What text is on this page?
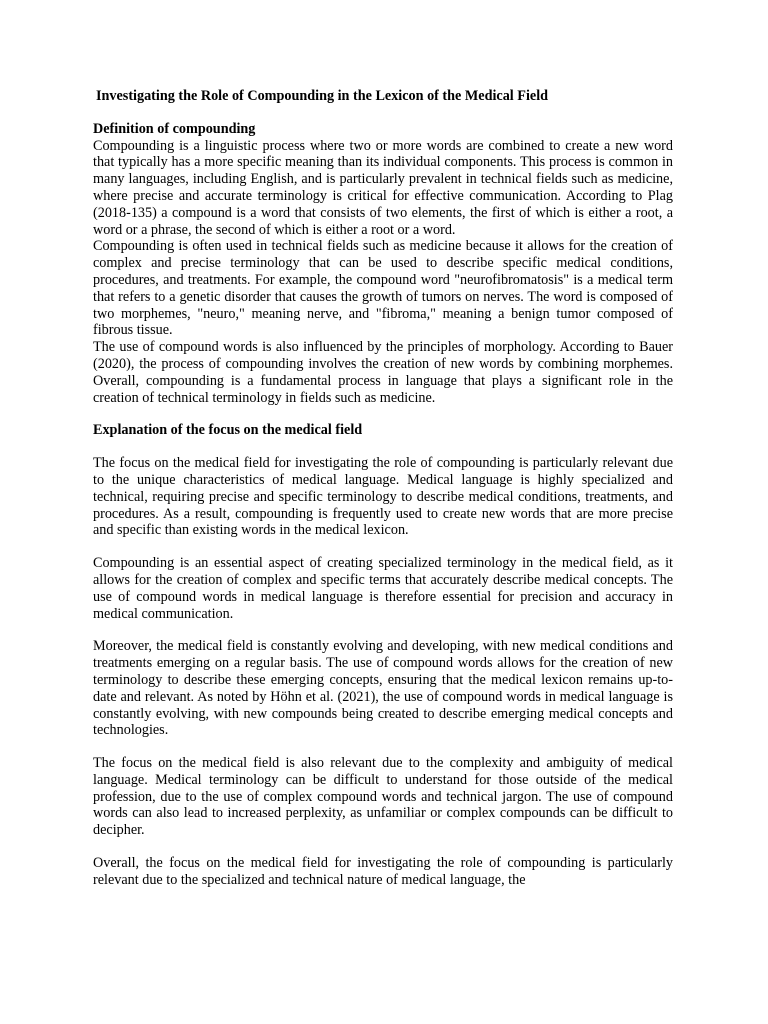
Investigating the Role of Compounding in the Lexicon of the Medical Field
Definition of compounding

Compounding is a linguistic process where two or more words are combined to create a new word that typically has a more specific meaning than its individual components. This process is common in many languages, including English, and is particularly prevalent in technical fields such as medicine, where precise and accurate terminology is critical for effective communication. According to Plag (2018-135) a compound is a word that consists of two elements, the first of which is either a root, a word or a phrase, the second of which is either a root or a word.

Compounding is often used in technical fields such as medicine because it allows for the creation of complex and precise terminology that can be used to describe specific medical conditions, procedures, and treatments. For example, the compound word "neurofibromatosis" is a medical term that refers to a genetic disorder that causes the growth of tumors on nerves. The word is composed of two morphemes, "neuro," meaning nerve, and "fibroma," meaning a benign tumor composed of fibrous tissue.

The use of compound words is also influenced by the principles of morphology. According to Bauer (2020), the process of compounding involves the creation of new words by combining morphemes. Overall, compounding is a fundamental process in language that plays a significant role in the creation of technical terminology in fields such as medicine.

Explanation of the focus on the medical field

The focus on the medical field for investigating the role of compounding is particularly relevant due to the unique characteristics of medical language. Medical language is highly specialized and technical, requiring precise and specific terminology to describe medical conditions, treatments, and procedures. As a result, compounding is frequently used to create new words that are more precise and specific than existing words in the medical lexicon.

Compounding is an essential aspect of creating specialized terminology in the medical field, as it allows for the creation of complex and specific terms that accurately describe medical concepts. The use of compound words in medical language is therefore essential for precision and accuracy in medical communication.

Moreover, the medical field is constantly evolving and developing, with new medical conditions and treatments emerging on a regular basis. The use of compound words allows for the creation of new terminology to describe these emerging concepts, ensuring that the medical lexicon remains up-to-date and relevant. As noted by Höhn et al. (2021), the use of compound words in medical language is constantly evolving, with new compounds being created to describe emerging medical concepts and technologies.

The focus on the medical field is also relevant due to the complexity and ambiguity of medical language. Medical terminology can be difficult to understand for those outside of the medical profession, due to the use of complex compound words and technical jargon. The use of compound words can also lead to increased perplexity, as unfamiliar or complex compounds can be difficult to decipher.

Overall, the focus on the medical field for investigating the role of compounding is particularly relevant due to the specialized and technical nature of medical language, the
